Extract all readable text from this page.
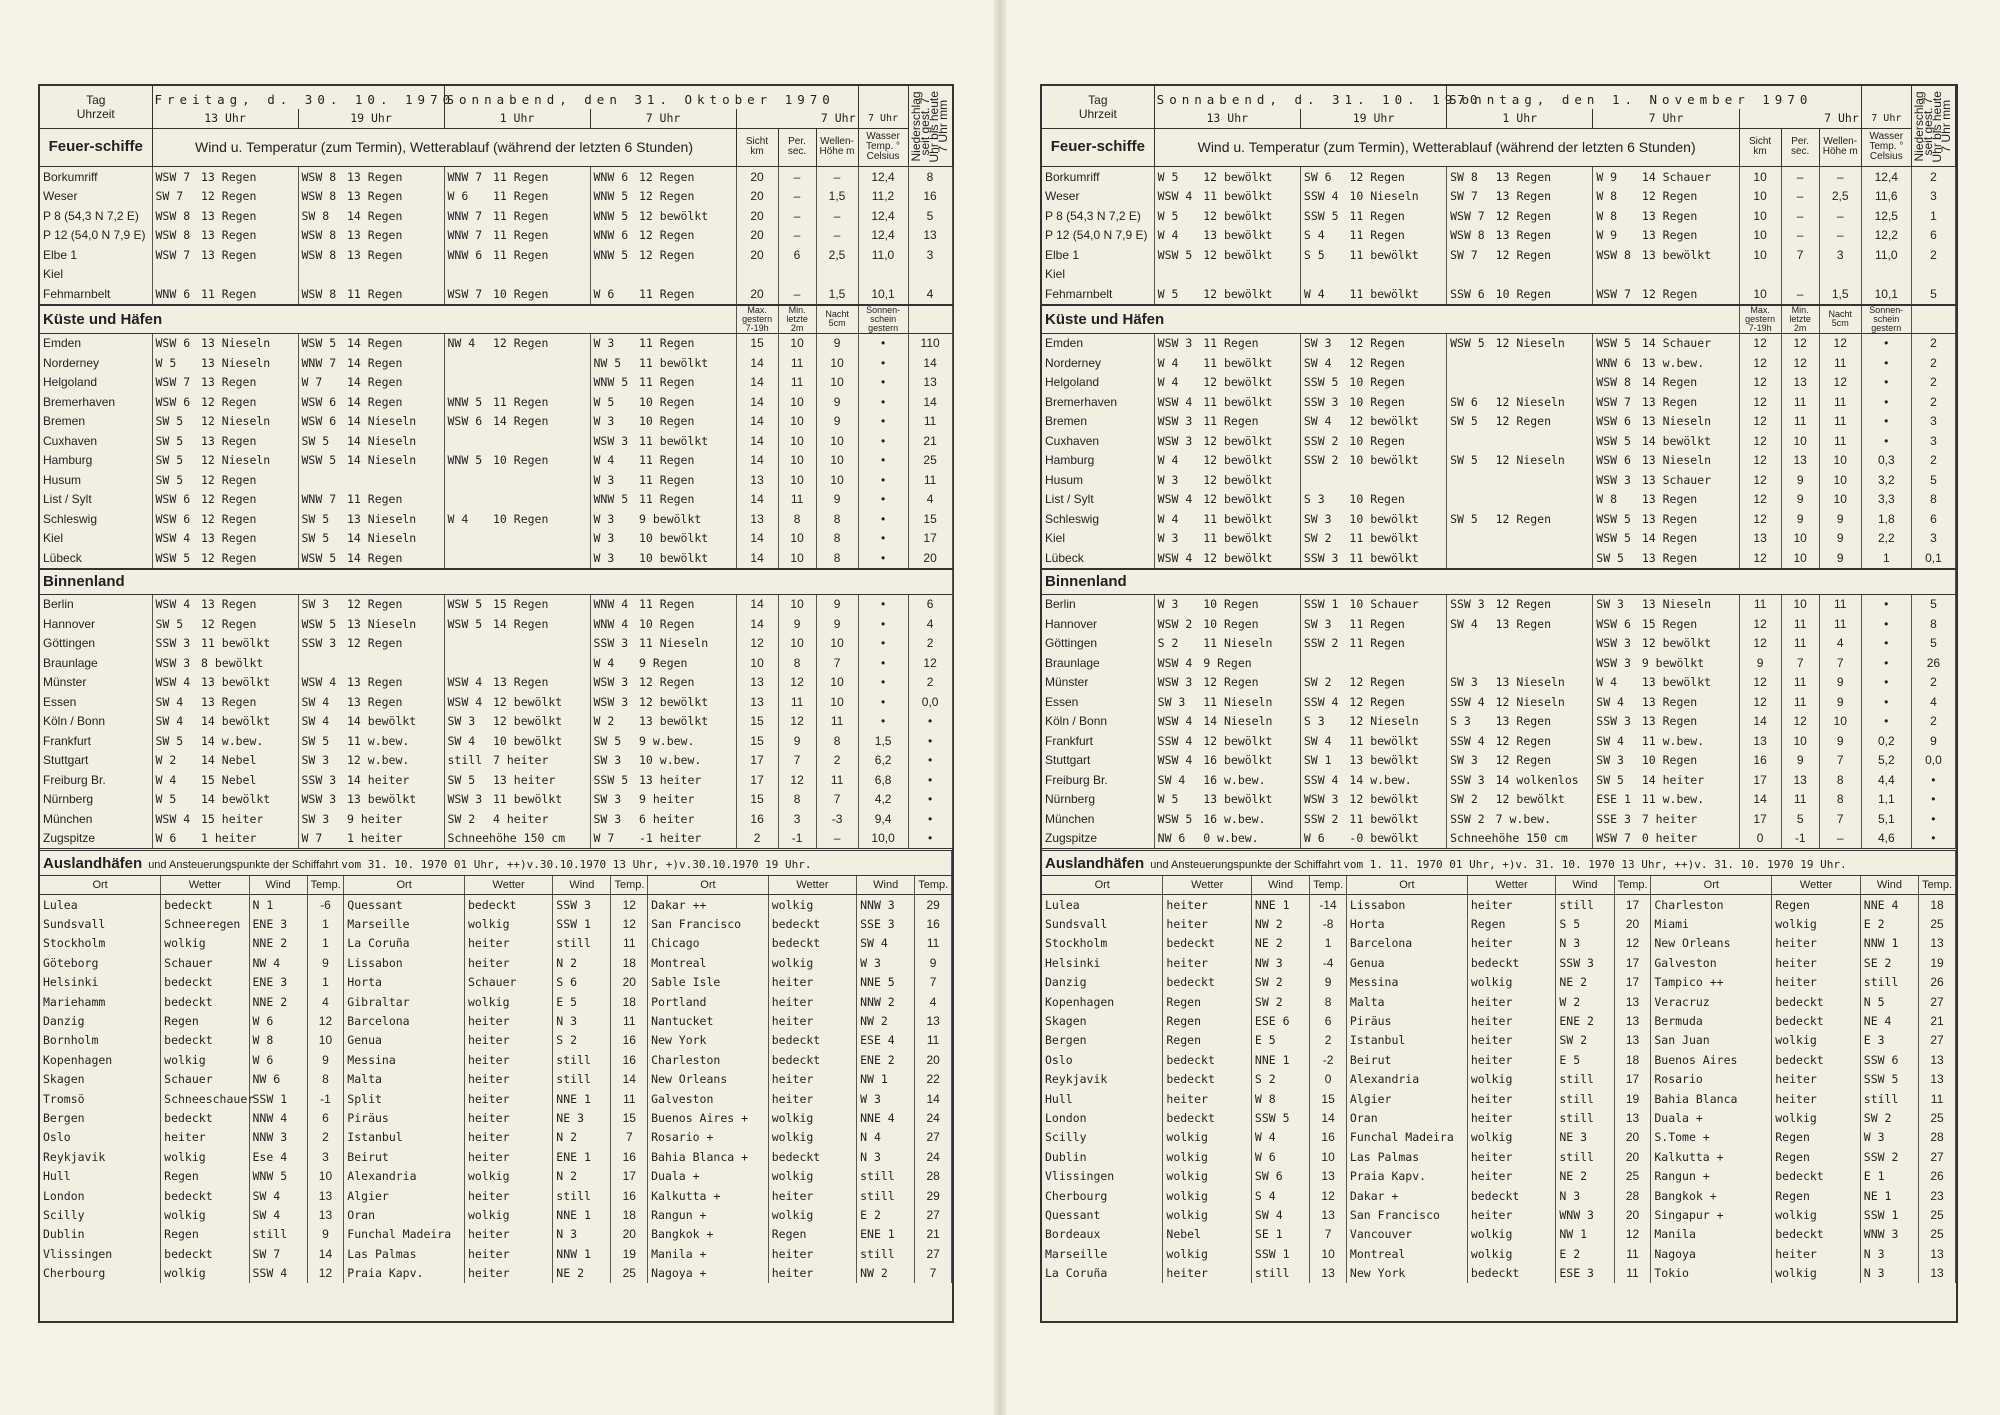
Tag
Uhrzeit	Freitag, d. 30. 10. 1970		Sonnabend, den 31. Oktober 1970						Niederschlag seit gest. 7 Uhr bis heute 7 Uhr mm
	13 Uhr	19 Uhr	1 Uhr	7 Uhr	7 Uhr			7 Uhr	
Feuer-schiffe	Wind u. Temperatur (zum Termin), Wetterablauf (während der letzten 6 Stunden)				Sicht km	Per. sec.	Wellen-Höhe m	Wasser Temp. ° Celsius	
Borkumriff	WSW 7	13 Regen	WSW 8	13 Regen	WNW 7	11 Regen	WNW 6	12 Regen	20	–	–	12,4	8
Weser	SW 7	12 Regen	WSW 8	13 Regen	W 6	11 Regen	WNW 5	12 Regen	20	–	1,5	11,2	16
P 8 (54,3 N 7,2 E)	WSW 8	13 Regen	SW 8	14 Regen	WNW 7	11 Regen	WNW 5	12 bewölkt	20	–	–	12,4	5
P 12 (54,0 N 7,9 E)	WSW 8	13 Regen	WSW 8	13 Regen	WNW 7	11 Regen	WNW 6	12 Regen	20	–	–	12,4	13
Elbe 1	WSW 7	13 Regen	WSW 8	13 Regen	WNW 6	11 Regen	WNW 5	12 Regen	20	6	2,5	11,0	3
Kiel													
Fehmarnbelt	WNW 6	11 Regen	WSW 8	11 Regen	WSW 7	10 Regen	W 6	11 Regen	20	–	1,5	10,1	4
Küste und Häfen									Max. gestern 7-19h	Min. letzte 2m	Nacht 5cm	Sonnen-schein gestern	
Emden	WSW 6	13 Nieseln	WSW 5	14 Regen	NW 4	12 Regen	W 3	11 Regen	15	10	9	•	110
Norderney	W 5	13 Nieseln	WNW 7	14 Regen			NW 5	11 bewölkt	14	11	10	•	14
Helgoland	WSW 7	13 Regen	W 7	14 Regen			WNW 5	11 Regen	14	11	10	•	13
Bremerhaven	WSW 6	12 Regen	WSW 6	14 Regen	WNW 5	11 Regen	W 5	10 Regen	14	10	9	•	14
Bremen	SW 5	12 Nieseln	WSW 6	14 Nieseln	WSW 6	14 Regen	W 3	10 Regen	14	10	9	•	11
Cuxhaven	SW 5	13 Regen	SW 5	14 Nieseln			WSW 3	11 bewölkt	14	10	10	•	21
Hamburg	SW 5	12 Nieseln	WSW 5	14 Nieseln	WNW 5	10 Regen	W 4	11 Regen	14	10	10	•	25
Husum	SW 5	12 Regen					W 3	11 Regen	13	10	10	•	11
List / Sylt	WSW 6	12 Regen	WNW 7	11 Regen			WNW 5	11 Regen	14	11	9	•	4
Schleswig	WSW 6	12 Regen	SW 5	13 Nieseln	W 4	10 Regen	W 3	9 bewölkt	13	8	8	•	15
Kiel	WSW 4	13 Regen	SW 5	14 Nieseln			W 3	10 bewölkt	14	10	8	•	17
Lübeck	WSW 5	12 Regen	WSW 5	14 Regen			W 3	10 bewölkt	14	10	8	•	20
Binnenland													
Berlin	WSW 4	13 Regen	SW 3	12 Regen	WSW 5	15 Regen	WNW 4	11 Regen	14	10	9	•	6
Hannover	SW 5	12 Regen	WSW 5	13 Nieseln	WSW 5	14 Regen	WNW 4	10 Regen	14	9	9	•	4
Göttingen	SSW 3	11 bewölkt	SSW 3	12 Regen			SSW 3	11 Nieseln	12	10	10	•	2
Braunlage	WSW 3	8 bewölkt					W 4	9 Regen	10	8	7	•	12
Münster	WSW 4	13 bewölkt	WSW 4	13 Regen	WSW 4	13 Regen	WSW 3	12 Regen	13	12	10	•	2
Essen	SW 4	13 Regen	SW 4	13 Regen	WSW 4	12 bewölkt	WSW 3	12 bewölkt	13	11	10	•	0,0
Köln / Bonn	SW 4	14 bewölkt	SW 4	14 bewölkt	SW 3	12 bewölkt	W 2	13 bewölkt	15	12	11	•	•
Frankfurt	SW 5	14 w.bew.	SW 5	11 w.bew.	SW 4	10 bewölkt	SW 5	9 w.bew.	15	9	8	1,5	•
Stuttgart	W 2	14 Nebel	SW 3	12 w.bew.	still	7 heiter	SW 3	10 w.bew.	17	7	2	6,2	•
Freiburg Br.	W 4	15 Nebel	SSW 3	14 heiter	SW 5	13 heiter	SSW 5	13 heiter	17	12	11	6,8	•
Nürnberg	W 5	14 bewölkt	WSW 3	13 bewölkt	WSW 3	11 bewölkt	SW 3	9 heiter	15	8	7	4,2	•
München	WSW 4	15 heiter	SW 3	9 heiter	SW 2	4 heiter	SW 3	6 heiter	16	3	-3	9,4	•
Zugspitze	W 6	1 heiter	W 7	1 heiter	Schneehöhe 150 cm		W 7	-1 heiter	2	-1	–	10,0	•
Auslandhäfen und Ansteuerungspunkte der Schiffahrt vom 31. 10. 1970 01 Uhr, ++)v.30.10.1970 13 Uhr, +)v.30.10.1970 19 Uhr.											
Ort	Wetter	Wind	Temp.	Ort	Wetter	Wind	Temp.	Ort	Wetter	Wind	Temp.
Lulea	bedeckt	N 1	-6	Quessant	bedeckt	SSW 3	12	Dakar ++	wolkig	NNW 3	29
Sundsvall	Schneeregen	ENE 3	1	Marseille	wolkig	SSW 1	12	San Francisco	bedeckt	SSE 3	16
Stockholm	wolkig	NNE 2	1	La Coruña	heiter	still	11	Chicago	bedeckt	SW 4	11
Göteborg	Schauer	NW 4	9	Lissabon	heiter	N 2	18	Montreal	wolkig	W 3	9
Helsinki	bedeckt	ENE 3	1	Horta	Schauer	S 6	20	Sable Isle	heiter	NNE 5	7
Mariehamm	bedeckt	NNE 2	4	Gibraltar	wolkig	E 5	18	Portland	heiter	NNW 2	4
Danzig	Regen	W 6	12	Barcelona	heiter	N 3	11	Nantucket	heiter	NW 2	13
Bornholm	bedeckt	W 8	10	Genua	heiter	S 2	16	New York	bedeckt	ESE 4	11
Kopenhagen	wolkig	W 6	9	Messina	heiter	still	16	Charleston	bedeckt	ENE 2	20
Skagen	Schauer	NW 6	8	Malta	heiter	still	14	New Orleans	heiter	NW 1	22
Tromsö	Schneeschauer	SSW 1	-1	Split	heiter	NNE 1	11	Galveston	heiter	W 3	14
Bergen	bedeckt	NNW 4	6	Piräus	heiter	NE 3	15	Buenos Aires +	wolkig	NNE 4	24
Oslo	heiter	NNW 3	2	Istanbul	heiter	N 2	7	Rosario +	wolkig	N 4	27
Reykjavik	wolkig	Ese 4	3	Beirut	heiter	ENE 1	16	Bahia Blanca +	bedeckt	N 3	24
Hull	Regen	WNW 5	10	Alexandria	wolkig	N 2	17	Duala +	wolkig	still	28
London	bedeckt	SW 4	13	Algier	heiter	still	16	Kalkutta +	heiter	still	29
Scilly	wolkig	SW 4	13	Oran	wolkig	NNE 1	18	Rangun +	wolkig	E 2	27
Dublin	Regen	still	9	Funchal Madeira	heiter	N 3	20	Bangkok +	Regen	ENE 1	21
Vlissingen	bedeckt	SW 7	14	Las Palmas	heiter	NNW 1	19	Manila +	heiter	still	27
Cherbourg	wolkig	SSW 4	12	Praia Kapv.	heiter	NE 2	25	Nagoya +	heiter	NW 2	7
Tag
Uhrzeit	Sonnabend, d. 31. 10. 1970		Sonntag, den 1. November 1970						Niederschlag seit gest. 7 Uhr bis heute 7 Uhr mm
	13 Uhr	19 Uhr	1 Uhr	7 Uhr	7 Uhr			7 Uhr	
Feuer-schiffe	Wind u. Temperatur (zum Termin), Wetterablauf (während der letzten 6 Stunden)				Sicht km	Per. sec.	Wellen-Höhe m	Wasser Temp. ° Celsius	
Borkumriff	W 5	12 bewölkt	SW 6	12 Regen	SW 8	13 Regen	W 9	14 Schauer	10	–	–	12,4	2
Weser	WSW 4	11 bewölkt	SSW 4	10 Nieseln	SW 7	13 Regen	W 8	12 Regen	10	–	2,5	11,6	3
P 8 (54,3 N 7,2 E)	W 5	12 bewölkt	SSW 5	11 Regen	WSW 7	12 Regen	W 8	13 Regen	10	–	–	12,5	1
P 12 (54,0 N 7,9 E)	W 4	13 bewölkt	S 4	11 Regen	WSW 8	13 Regen	W 9	13 Regen	10	–	–	12,2	6
Elbe 1	WSW 5	12 bewölkt	S 5	11 bewölkt	SW 7	12 Regen	WSW 8	13 bewölkt	10	7	3	11,0	2
Kiel													
Fehmarnbelt	W 5	12 bewölkt	W 4	11 bewölkt	SSW 6	10 Regen	WSW 7	12 Regen	10	–	1,5	10,1	5
Küste und Häfen									Max. gestern 7-19h	Min. letzte 2m	Nacht 5cm	Sonnen-schein gestern	
Emden	WSW 3	11 Regen	SW 3	12 Regen	WSW 5	12 Nieseln	WSW 5	14 Schauer	12	12	12	•	2
Norderney	W 4	11 bewölkt	SW 4	12 Regen			WNW 6	13 w.bew.	12	12	11	•	2
Helgoland	W 4	12 bewölkt	SSW 5	10 Regen			WSW 8	14 Regen	12	13	12	•	2
Bremerhaven	WSW 4	11 bewölkt	SSW 3	10 Regen	SW 6	12 Nieseln	WSW 7	13 Regen	12	11	11	•	2
Bremen	WSW 3	11 Regen	SW 4	12 bewölkt	SW 5	12 Regen	WSW 6	13 Nieseln	12	11	11	•	3
Cuxhaven	WSW 3	12 bewölkt	SSW 2	10 Regen			WSW 5	14 bewölkt	12	10	11	•	3
Hamburg	W 4	12 bewölkt	SSW 2	10 bewölkt	SW 5	12 Nieseln	WSW 6	13 Nieseln	12	13	10	0,3	2
Husum	W 3	12 bewölkt					WSW 3	13 Schauer	12	9	10	3,2	5
List / Sylt	WSW 4	12 bewölkt	S 3	10 Regen			W 8	13 Regen	12	9	10	3,3	8
Schleswig	W 4	11 bewölkt	SW 3	10 bewölkt	SW 5	12 Regen	WSW 5	13 Regen	12	9	9	1,8	6
Kiel	W 3	11 bewölkt	SW 2	11 bewölkt			WSW 5	14 Regen	13	10	9	2,2	3
Lübeck	WSW 4	12 bewölkt	SSW 3	11 bewölkt			SW 5	13 Regen	12	10	9	1	0,1
Binnenland													
Berlin	W 3	10 Regen	SSW 1	10 Schauer	SSW 3	12 Regen	SW 3	13 Nieseln	11	10	11	•	5
Hannover	WSW 2	10 Regen	SW 3	11 Regen	SW 4	13 Regen	WSW 6	15 Regen	12	11	11	•	8
Göttingen	S 2	11 Nieseln	SSW 2	11 Regen			WSW 3	12 bewölkt	12	11	4	•	5
Braunlage	WSW 4	9 Regen					WSW 3	9 bewölkt	9	7	7	•	26
Münster	WSW 3	12 Regen	SW 2	12 Regen	SW 3	13 Nieseln	W 4	13 bewölkt	12	11	9	•	2
Essen	SW 3	11 Nieseln	SSW 4	12 Regen	SSW 4	12 Nieseln	SW 4	13 Regen	12	11	9	•	4
Köln / Bonn	WSW 4	14 Nieseln	S 3	12 Nieseln	S 3	13 Regen	SSW 3	13 Regen	14	12	10	•	2
Frankfurt	SSW 4	12 bewölkt	SW 4	11 bewölkt	SSW 4	12 Regen	SW 4	11 w.bew.	13	10	9	0,2	9
Stuttgart	WSW 4	16 bewölkt	SW 1	13 bewölkt	SW 3	12 Regen	SW 3	10 Regen	16	9	7	5,2	0,0
Freiburg Br.	SW 4	16 w.bew.	SSW 4	14 w.bew.	SSW 3	14 wolkenlos	SW 5	14 heiter	17	13	8	4,4	•
Nürnberg	W 5	13 bewölkt	WSW 3	12 bewölkt	SW 2	12 bewölkt	ESE 1	11 w.bew.	14	11	8	1,1	•
München	WSW 5	16 w.bew.	SSW 2	11 bewölkt	SSW 2	7 w.bew.	SSE 3	7 heiter	17	5	7	5,1	•
Zugspitze	NW 6	0 w.bew.	W 6	-0 bewölkt	Schneehöhe 150 cm		WSW 7	0 heiter	0	-1	–	4,6	•
Auslandhäfen und Ansteuerungspunkte der Schiffahrt vom 1. 11. 1970 01 Uhr, +)v. 31. 10. 1970 13 Uhr, ++)v. 31. 10. 1970 19 Uhr.											
Ort	Wetter	Wind	Temp.	Ort	Wetter	Wind	Temp.	Ort	Wetter	Wind	Temp.
Lulea	heiter	NNE 1	-14	Lissabon	heiter	still	17	Charleston	Regen	NNE 4	18
Sundsvall	heiter	NW 2	-8	Horta	Regen	S 5	20	Miami	wolkig	E 2	25
Stockholm	bedeckt	NE 2	1	Barcelona	heiter	N 3	12	New Orleans	heiter	NNW 1	13
Helsinki	heiter	NW 3	-4	Genua	bedeckt	SSW 3	17	Galveston	heiter	SE 2	19
Danzig	bedeckt	SW 2	9	Messina	wolkig	NE 2	17	Tampico ++	heiter	still	26
Kopenhagen	Regen	SW 2	8	Malta	heiter	W 2	13	Veracruz	bedeckt	N 5	27
Skagen	Regen	ESE 6	6	Piräus	heiter	ENE 2	13	Bermuda	bedeckt	NE 4	21
Bergen	Regen	E 5	2	Istanbul	heiter	SW 2	13	San Juan	wolkig	E 3	27
Oslo	bedeckt	NNE 1	-2	Beirut	heiter	E 5	18	Buenos Aires	bedeckt	SSW 6	13
Reykjavik	bedeckt	S 2	0	Alexandria	wolkig	still	17	Rosario	heiter	SSW 5	13
Hull	heiter	W 8	15	Algier	heiter	still	19	Bahia Blanca	heiter	still	11
London	bedeckt	SSW 5	14	Oran	heiter	still	13	Duala +	wolkig	SW 2	25
Scilly	wolkig	W 4	16	Funchal Madeira	wolkig	NE 3	20	S.Tome +	Regen	W 3	28
Dublin	wolkig	W 6	10	Las Palmas	heiter	still	20	Kalkutta +	Regen	SSW 2	27
Vlissingen	wolkig	SW 6	13	Praia Kapv.	heiter	NE 2	25	Rangun +	bedeckt	E 1	26
Cherbourg	wolkig	S 4	12	Dakar +	bedeckt	N 3	28	Bangkok +	Regen	NE 1	23
Quessant	wolkig	SW 4	13	San Francisco	heiter	WNW 3	20	Singapur +	wolkig	SSW 1	25
Bordeaux	Nebel	SE 1	7	Vancouver	wolkig	NW 1	12	Manila	bedeckt	WNW 3	25
Marseille	wolkig	SSW 1	10	Montreal	wolkig	E 2	11	Nagoya	heiter	N 3	13
La Coruña	heiter	still	13	New York	bedeckt	ESE 3	11	Tokio	wolkig	N 3	13
